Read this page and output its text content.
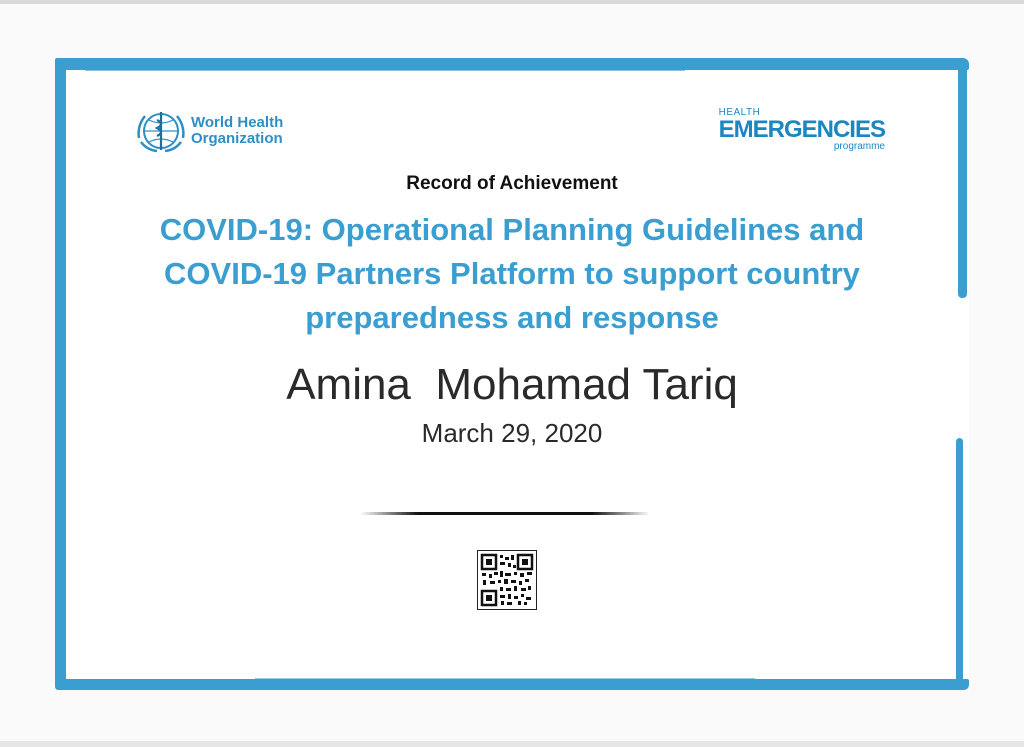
World Health
Organization
HEALTH
EMERGENCIES
programme
Record of Achievement
COVID-19: Operational Planning Guidelines and COVID-19 Partners Platform to support country preparedness and response
Amina  Mohamad Tariq
March 29, 2020
